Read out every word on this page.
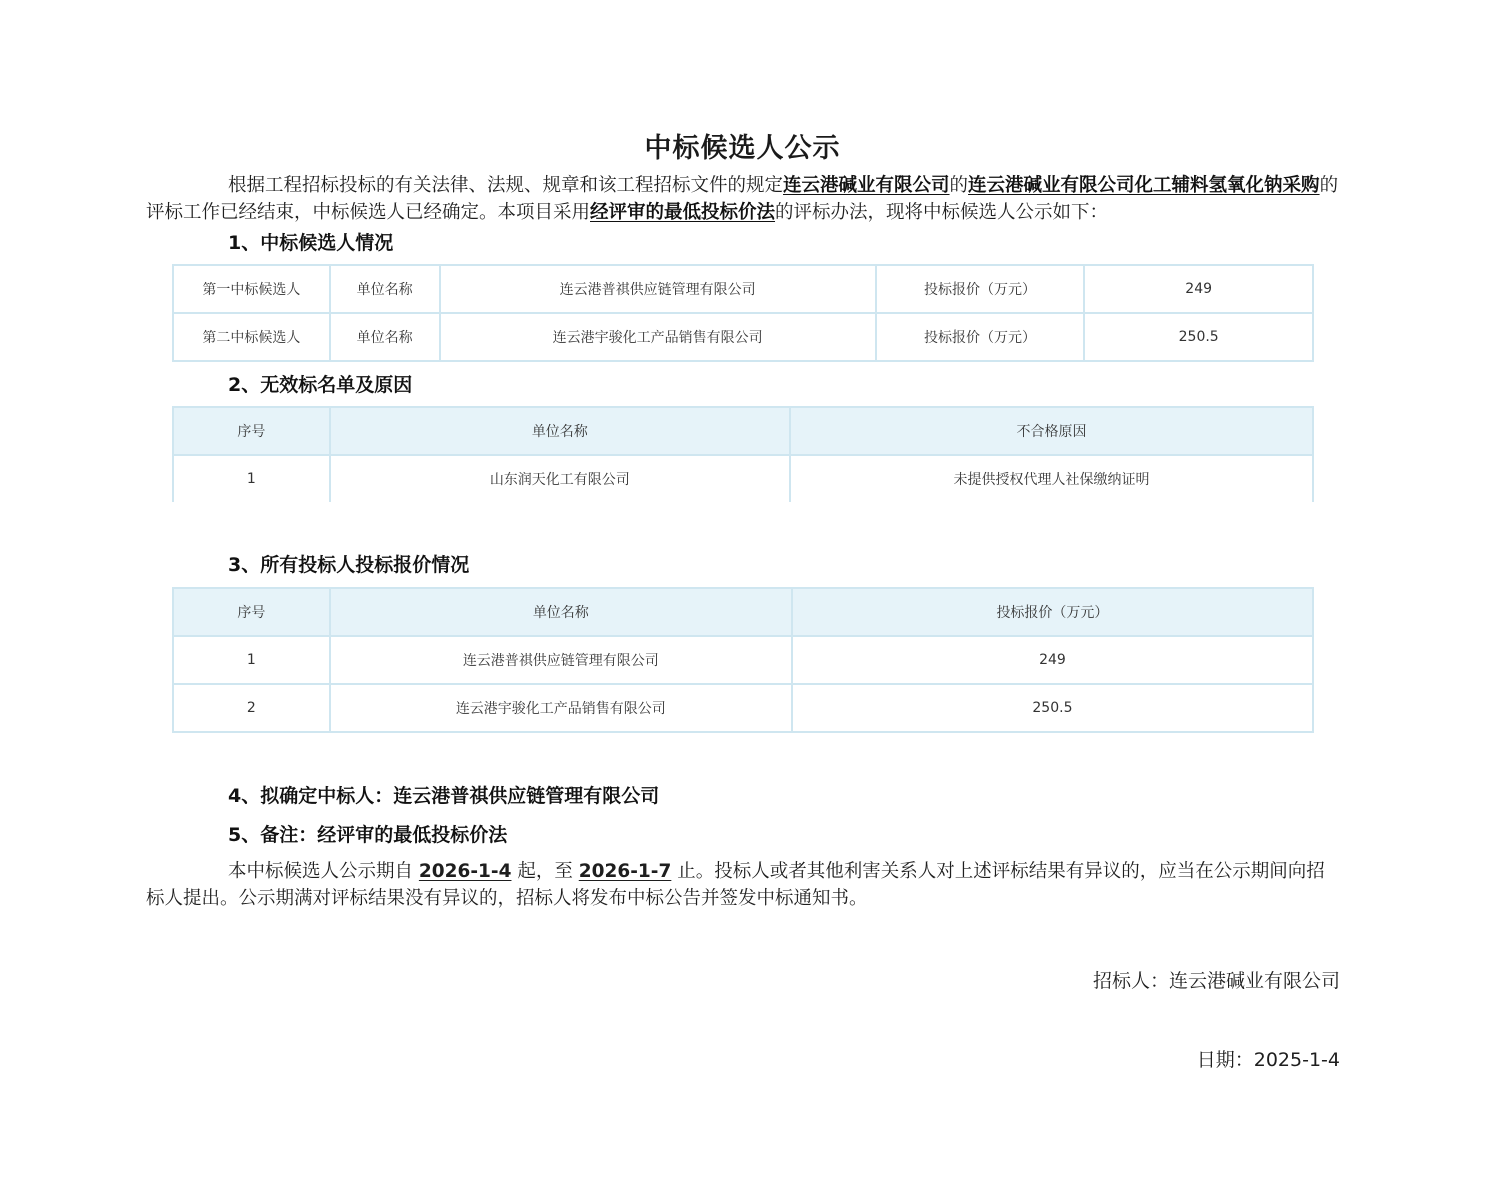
中标候选人公示
根据工程招标投标的有关法律、法规、规章和该工程招标文件的规定连云港碱业有限公司的连云港碱业有限公司化工辅料氢氧化钠采购的评标工作已经结束，中标候选人已经确定。本项目采用经评审的最低投标价法的评标办法，现将中标候选人公示如下：
1、中标候选人情况
第一中标候选人	单位名称	连云港普祺供应链管理有限公司	投标报价（万元）	249
第二中标候选人	单位名称	连云港宇骏化工产品销售有限公司	投标报价（万元）	250.5
2、无效标名单及原因
序号	单位名称	不合格原因
1	山东润天化工有限公司	未提供授权代理人社保缴纳证明
3、所有投标人投标报价情况
序号	单位名称	投标报价（万元）
1	连云港普祺供应链管理有限公司	249
2	连云港宇骏化工产品销售有限公司	250.5
4、拟确定中标人：连云港普祺供应链管理有限公司
5、备注：经评审的最低投标价法
本中标候选人公示期自 2026-1-4 起，至 2026-1-7 止。投标人或者其他利害关系人对上述评标结果有异议的，应当在公示期间向招标人提出。公示期满对评标结果没有异议的，招标人将发布中标公告并签发中标通知书。
招标人：连云港碱业有限公司
日期：2025-1-4
